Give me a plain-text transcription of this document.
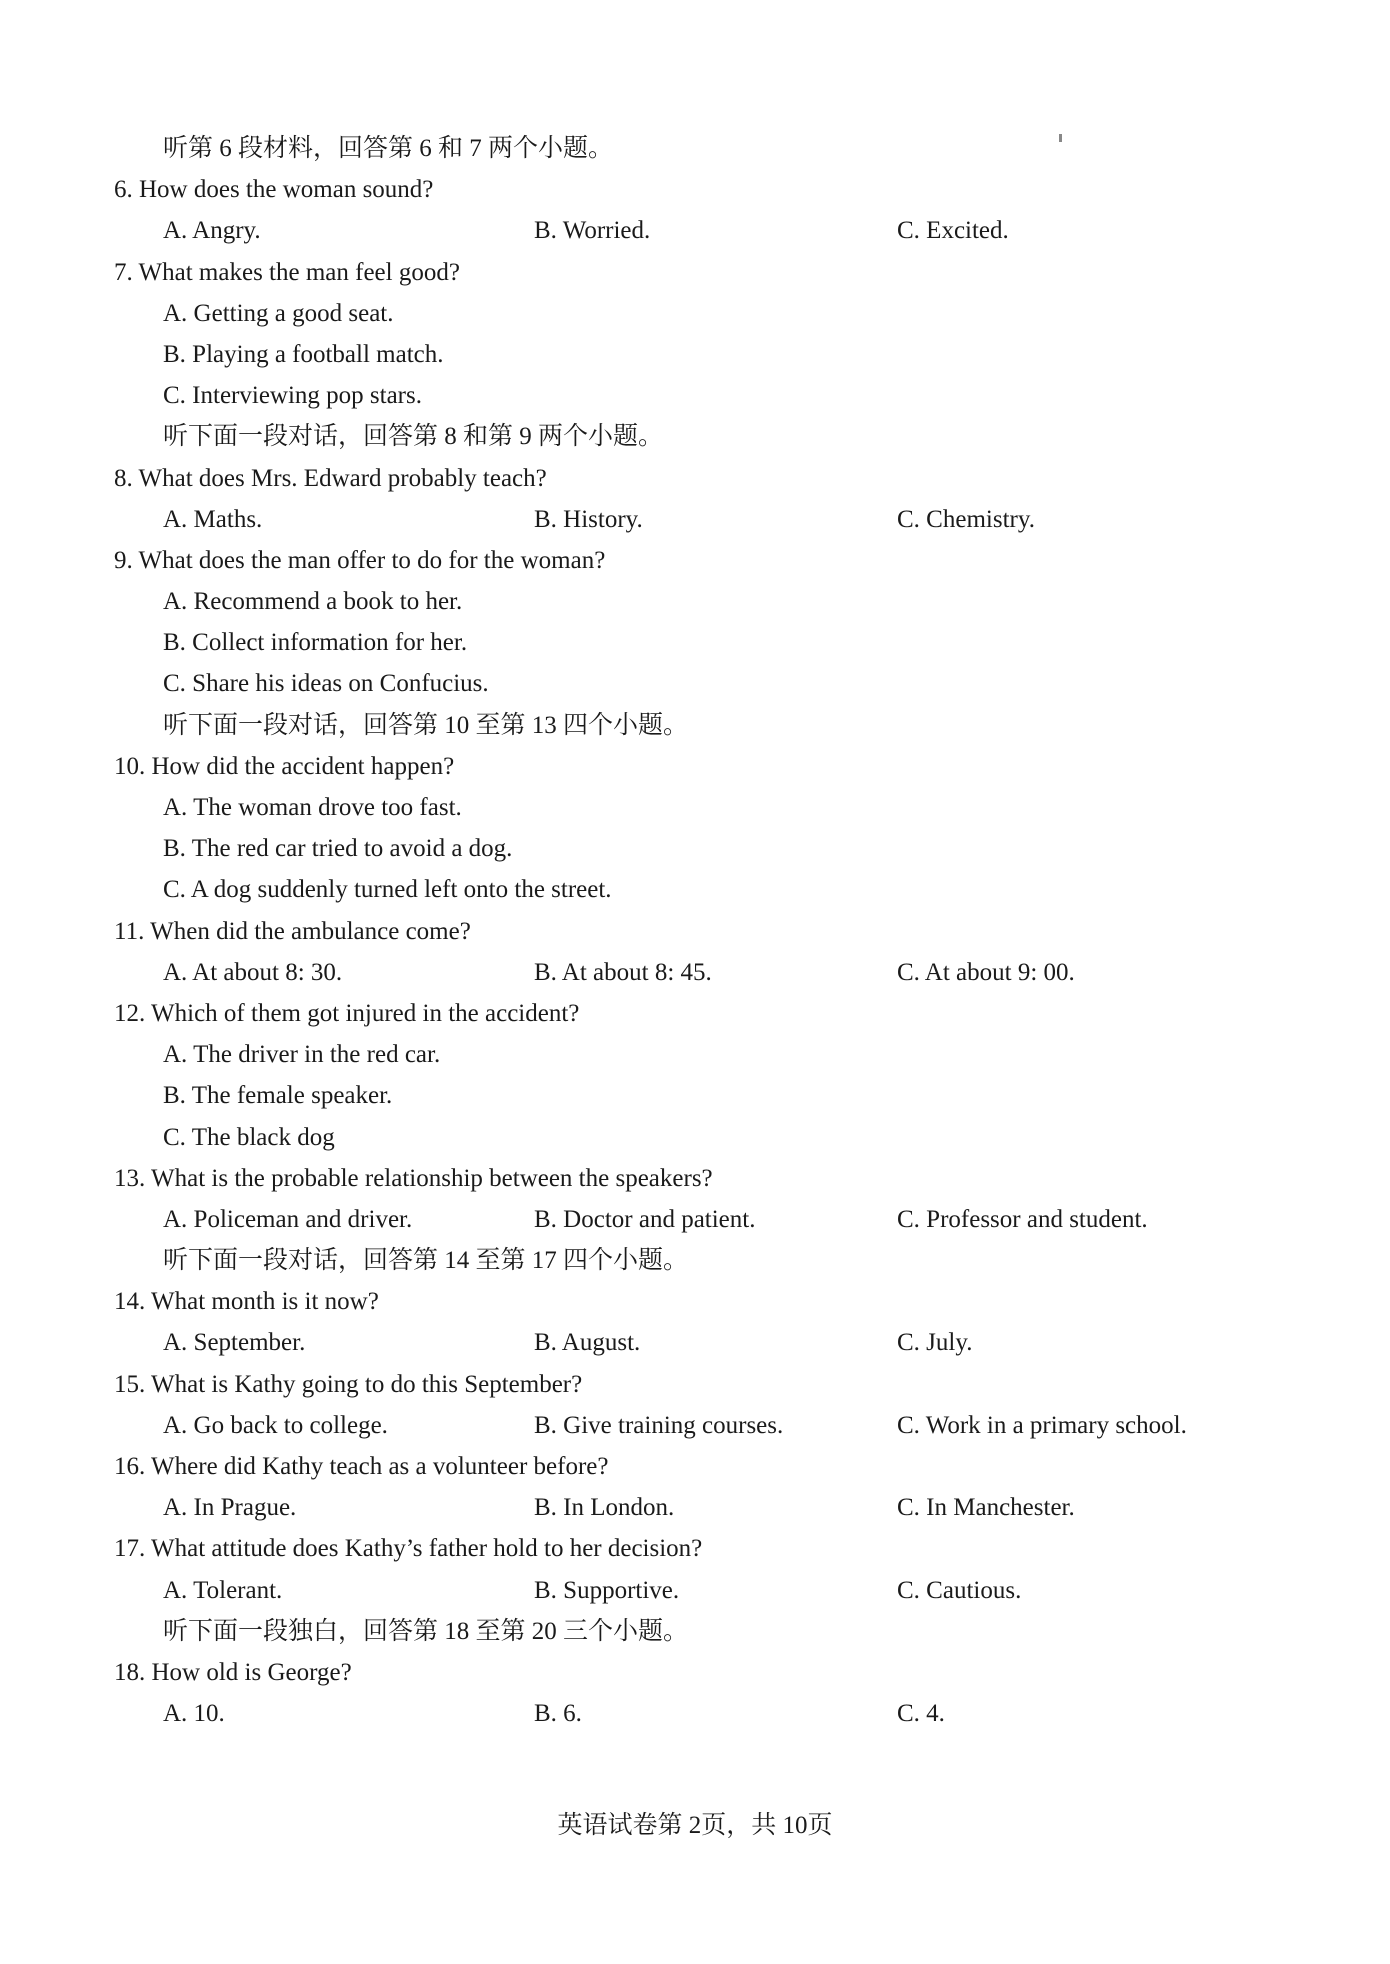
听第 6 段材料，回答第 6 和 7 两个小题。
6. How does the woman sound?
A. Angry.	B. Worried.	C. Excited.
7. What makes the man feel good?
A. Getting a good seat.
B. Playing a football match.
C. Interviewing pop stars.
听下面一段对话，回答第 8 和第 9 两个小题。
8. What does Mrs. Edward probably teach?
A. Maths.	B. History.	C. Chemistry.
9. What does the man offer to do for the woman?
A. Recommend a book to her.
B. Collect information for her.
C. Share his ideas on Confucius.
听下面一段对话，回答第 10 至第 13 四个小题。
10. How did the accident happen?
A. The woman drove too fast.
B. The red car tried to avoid a dog.
C. A dog suddenly turned left onto the street.
11. When did the ambulance come?
A. At about 8: 30.	B. At about 8: 45.	C. At about 9: 00.
12. Which of them got injured in the accident?
A. The driver in the red car.
B. The female speaker.
C. The black dog
13. What is the probable relationship between the speakers?
A. Policeman and driver.	B. Doctor and patient.	C. Professor and student.
听下面一段对话，回答第 14 至第 17 四个小题。
14. What month is it now?
A. September.	B. August.	C. July.
15. What is Kathy going to do this September?
A. Go back to college.	B. Give training courses.	C. Work in a primary school.
16. Where did Kathy teach as a volunteer before?
A. In Prague.	B. In London.	C. In Manchester.
17. What attitude does Kathy’s father hold to her decision?
A. Tolerant.	B. Supportive.	C. Cautious.
听下面一段独白，回答第 18 至第 20 三个小题。
18. How old is George?
A. 10.	B. 6.	C. 4.
英语试卷第 2页，共 10页
